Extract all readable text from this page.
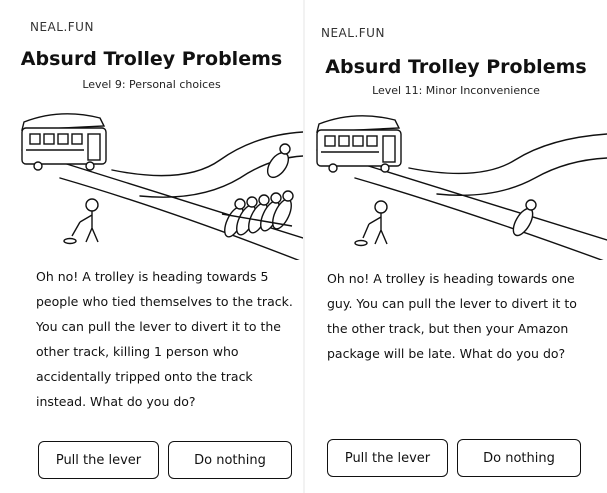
NEAL.FUN
Absurd Trolley Problems
Level 9: Personal choices
Oh no! A trolley is heading towards 5 people who tied themselves to the track. You can pull the lever to divert it to the other track, killing 1 person who accidentally tripped onto the track instead. What do you do?
Pull the lever	Do nothing
NEAL.FUN
Absurd Trolley Problems
Level 11: Minor Inconvenience
Oh no! A trolley is heading towards one guy. You can pull the lever to divert it to the other track, but then your Amazon package will be late. What do you do?
Pull the lever	Do nothing
